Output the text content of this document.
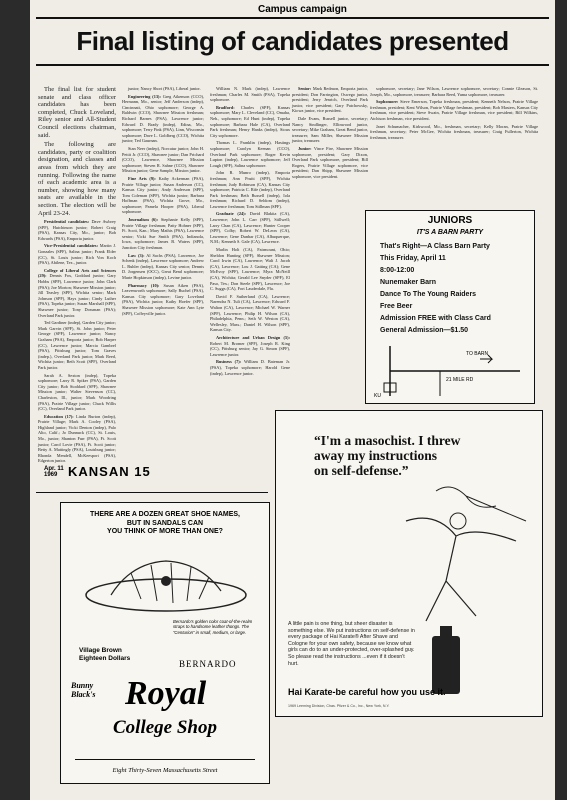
Campus campaign
Final listing of candidates presented

The final list for student senate and class officer candidates has been completed, Chuck Loveland, Riley senior and All-Student Council elections chairman, said.

The following are candidates, party or coalition designation, and classes and areas from which they are running. Following the name of each academic area is a number, showing how many seats are available in the section. The election will be April 23-24.

Presidential candidates: Dave Awbrey (SPF), Hutchinson junior; Robert Craig (PSA), Kansas City, Mo., junior; Bob Edwards (PSA), Emporia junior.

Vice-Presidential candidates: Martin J. Gonzales (SPF), Salina junior; Frank Elder (CC), St. Louis junior; Rich Von Koch (PSA), Abilene, Tex., junior.

College of Liberal Arts and Sciences (29): Dennis Fox, Goddard junior; Gary Hobbs (SPF), Lawrence junior; John Clark (PSA); Joe Morton; Shawnee Mission junior; Jill Teasley (SPF), Wichita senior; Mark Johnson (SPF), Hays junior; Cindy Luther (PSA), Topeka junior; Susan Marshall (SPF), Shawnee junior; Tony Dossman (PSA); Overland Park junior.

Ted Gardiner (indep), Garden City junior; Mark Garvin (SPF), St. John junior; Peter George (SPF), Lawrence junior; Nancy Graham (PSA), Emporia junior; Bob Harper (CC), Lawrence junior; Marcia Gambrel (PSA), Pittsburg junior; Tom Graves (indep.), Overland Park junior; Mark Reed, Wichita junior; Beth Scott (SPF), Overland Park junior.

Sarah A. Sexton (indep), Topeka sophomore; Larry R. Spiker (PSA), Garden City junior; Bob Stoddard (SPF), Shawnee Mission junior; Walter Stevenson (CC), Charleston, Ill., junior; Mark Woodring (PSA), Prairie Village junior; Chuck Willis (CC), Overland Park junior.

Education (17): Linda Burton (indep), Prairie Village; Mark A. Cooley (PSA), Highland junior; Vicki Denton (indep), Palo Alto, Calif.; Jo Dunnuck (CC), St. Louis, Mo., junior; Shanton Furr (PSA), Ft. Scott junior; Carol Lovie (PSA), Ft. Scott junior; Betty A. Mattingly (PSA), Louisburg junior; Rhonda Mendell, McKeesport (PSA), Edgerton junior.

junior; Nancy Short (PSA), Liberal junior.

Engineering (13): Greg Aikenson (CCO), Hermann, Mo., senior; Jeff Anderson (indep), Cincinnati, Ohio sophomore; George A. Baldwin (CCO), Shawnee Mission freshman; Richard Barnes (PSA), Lawrence junior; Edward D. Brady (indep), Edina, Mo., sophomore; Terry Fink (PSA), Linn, Wisconsin sophomore; Dave L. Goldberg (CCO), Wichita junior; Ted Gaurnan.

Stan Neer (indep), Norcatur junior; John H. Pettit Jr. (CCO), Shawnee junior; Dan Prichard (CCO), Lawrence, Shawnee Mission sophomore; Steven R. Sahne (CCO), Shawnee Mission junior; Gene Sample, Mission junior.

Fine Arts (9): Kathy Ackerman (PSA), Prairie Village junior; Susan Anderson (CC), Kansas City junior; Andy Anderson (SPF), Tom Coleman (SPF), Wichita junior; Barbara Hoffman (PSA), Wichita Grove, Mo., sophomore; Pamela Hooper (PSA), Liberal sophomore.

Journalism (6): Stephanie Kelly (SPF), Prairie Village freshman; Patty Hohner (SPF), Ft. Scott, Kan.; Mary Mathis (PSA), Lawrence senior; Vicki Sue Smith (PSA), Indianola, Iowa, sophomore; James B. Waters (SPF), Junction City freshman.

Law (3): Al Sachs (PSA), Lawrence, Joe Schenk (indep), Lawrence sophomore; Andrew L. Buhler (indep), Kansas City senior; Dennis D. Jorgensen (OCC), Great Bend sophomore; Marie Hopkinson (indep), Levine junior.

Pharmacy (10): Susan Aiken (PSA), Leavenworth sophomore; Sally Buchel (PSA), Kansas City sophomore; Gary Loveland (PSA), Wichita junior; Kathy Hoefer (SPF), Shawnee Mission sophomore; Kate Ann Lyte (SPF), Coffeyville junior.

William N. Mark (indep), Lawrence freshman; Charles M. Smith (PSA), Topeka sophomore.

Bradford: Charles (SPF), Kansas sophomore; Mary L. Cleveland (CC), Omaha, Neb., sophomore; Ed Hunt (indep), Topeka sophomore; Barbara Hale (CA), Overland Park freshman; Henry Hanks (indep), Sioux City sophomore.

Thomas L. Franklin (indep), Hastings sophomore; Carolyn Keenan (CCO), Overland Park sophomore; Roger Kevin Lupton (indep), Lawrence sophomore; Jeff Lough (SPF), Salina sophomore.

John R. Munro (indep), Emporia freshman; Ann Pruitt (SPF), Wichita freshman; Judy Robinson (CA), Kansas City sophomore; Patricia C. Rife (indep), Overland Park freshman; Beth Russell (indep), Iola freshman; Richard D. Seldom (indep), Lawrence freshman; Tom Stillman (SPF).

Graduate (24): David Blakita (CA), Lawrence; John L. Carr (SPF), Stillwell; Larry Chan (CA), Lawrence; Hunter Cooper (SPF), Colby; Robert W. DeLeon (CA), Lawrence; Gene Dunbar (CA), Albuquerque, N.M.; Kenneth S. Gale (CA), Lawrence.

Marlin Holt (CA), Fairmount, Ohio; Sheldon Hunting (SPF), Shawnee Mission; Carol Irwin (CA), Lawrence; Walt J. Jacob (CA), Lawrence; Lou J. Gatting (CA); Gene McEvoy (SPF), Lawrence; Myra McNeill (CA), Wichita; Gerald Lee Snyder (SPF), El Paso, Tex.; Don Steele (SPF), Lawrence; Joe C. Suggs (CA), Fort Lauderdale, Fla.

David F. Sutherland (CA), Lawrence; Narendra N. Tuli (CA), Lawrence; Edward F. Walton (CA), Lawrence; Michael W. Warner (SPF), Lawrence; Philip H. Wilson (CA), Philadelphia, Penn.; Seth W. Weston (CA), Wellesley, Mass.; Daniel H. Wilson (SPF), Kansas City.

Architecture and Urban Design (5): Robert M. Bromer (SPF), Joseph R. King (CC), Pittsburg senior; Jay G. Simon (SPF), Lawrence junior.

Business (7): William D. Bateman Jr. (PSA), Topeka sophomore; Harold Gene (indep), Lawrence junior.

Senior: Mark Redmon, Emporia junior, president; Don Farrington, Oswego junior, president; Jerry Jenrich, Overland Park junior, vice president; Gary Patchowsky, Kiowa junior, vice president.

Dale Evans, Russell junior, secretary; Nancy Sindlinger, Ellinwood junior, secretary; Mike Graham, Great Bend junior, treasurer; Sam Miller, Shawnee Mission junior, treasurer.

Junior: Vince Fire, Shawnee Mission sophomore, president; Gary Dixon, Overland Park sophomore, president; Bill Rogers, Prairie Village sophomore, vice president; Dan Shipp, Shawnee Mission sophomore, vice president.

sophomore, secretary; Jane Wilson, Lawrence sophomore, secretary; Connie Gleason, St. Joseph, Mo., sophomore, treasurer; Barbara Reed, Yuma sophomore, treasurer.

Sophomore: Steve Emerson, Topeka freshman, president; Kenneth Nelson, Prairie Village freshman, president; Kent Wilson, Prairie Village freshman, president; Bob Masters, Kansas City freshman, vice president; Steve Swain, Prairie Village freshman, vice president; Bill Wilkins, Atchison freshman, vice president.

Janet Schumacher, Kirkwood, Mo., freshman, secretary; Kelly Moran, Prairie Village freshman, secretary; Peter McGee, Wichita freshman, treasurer; Craig Fullerton, Wichita freshman, treasurer.

Apr. 11
1969 KANSAN 15
JUNIORS
IT'S A BARN PARTY
That's Right—A Class Barn Party
This Friday, April 11
8:00-12:00
Nunemaker Barn
Dance To The Young Raiders
Free Beer
Admission FREE with Class Card
General Admission—$1.50
TO BARN
21 MILE RD
KU
“I'm a masochist. I threw
away my instructions
on self-defense.”
A little pain is one thing, but sheer disaster is something else. We put instructions on self-defense in every package of Hai Karate® After Shave and Cologne for your own safety, because we know what girls can do to an under-protected, over-splashed guy. So please read the instructions ...even if it doesn't hurt.
Hai Karate-be careful how you use it.
1969 Leeming Division, Chas. Pfizer & Co., Inc., New York, N.Y.
THERE ARE A DOZEN GREAT SHOE NAMES,
BUT IN SANDALS CAN
YOU THINK OF MORE THAN ONE?
Bernardo's golden color coat-of-the-realm straps to handsome leather thongs. The “Centurion” in small, medium, or large.
Village Brown
Eighteen Dollars
BERNARDO
Bunny
Black's Royal
College Shop
Eight Thirty-Seven Massachusetts Street
